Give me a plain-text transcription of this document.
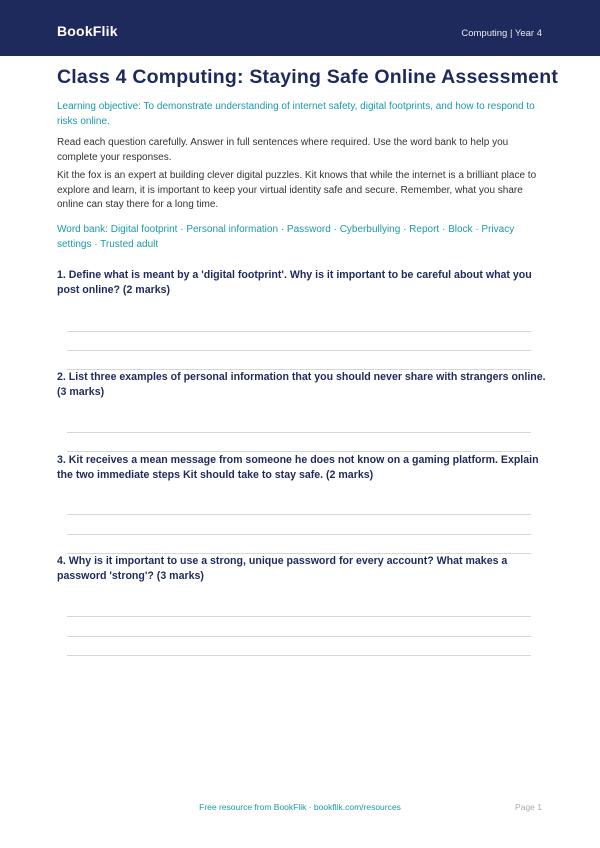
BookFlik	Computing | Year 4
Class 4 Computing: Staying Safe Online Assessment
Learning objective: To demonstrate understanding of internet safety, digital footprints, and how to respond to risks online.
Read each question carefully. Answer in full sentences where required. Use the word bank to help you complete your responses.
Kit the fox is an expert at building clever digital puzzles. Kit knows that while the internet is a brilliant place to explore and learn, it is important to keep your virtual identity safe and secure. Remember, what you share online can stay there for a long time.
Word bank: Digital footprint · Personal information · Password · Cyberbullying · Report · Block · Privacy settings · Trusted adult
1. Define what is meant by a 'digital footprint'. Why is it important to be careful about what you post online? (2 marks)
2. List three examples of personal information that you should never share with strangers online. (3 marks)
3. Kit receives a mean message from someone he does not know on a gaming platform. Explain the two immediate steps Kit should take to stay safe. (2 marks)
4. Why is it important to use a strong, unique password for every account? What makes a password 'strong'? (3 marks)
Free resource from BookFlik · bookflik.com/resources	Page 1
